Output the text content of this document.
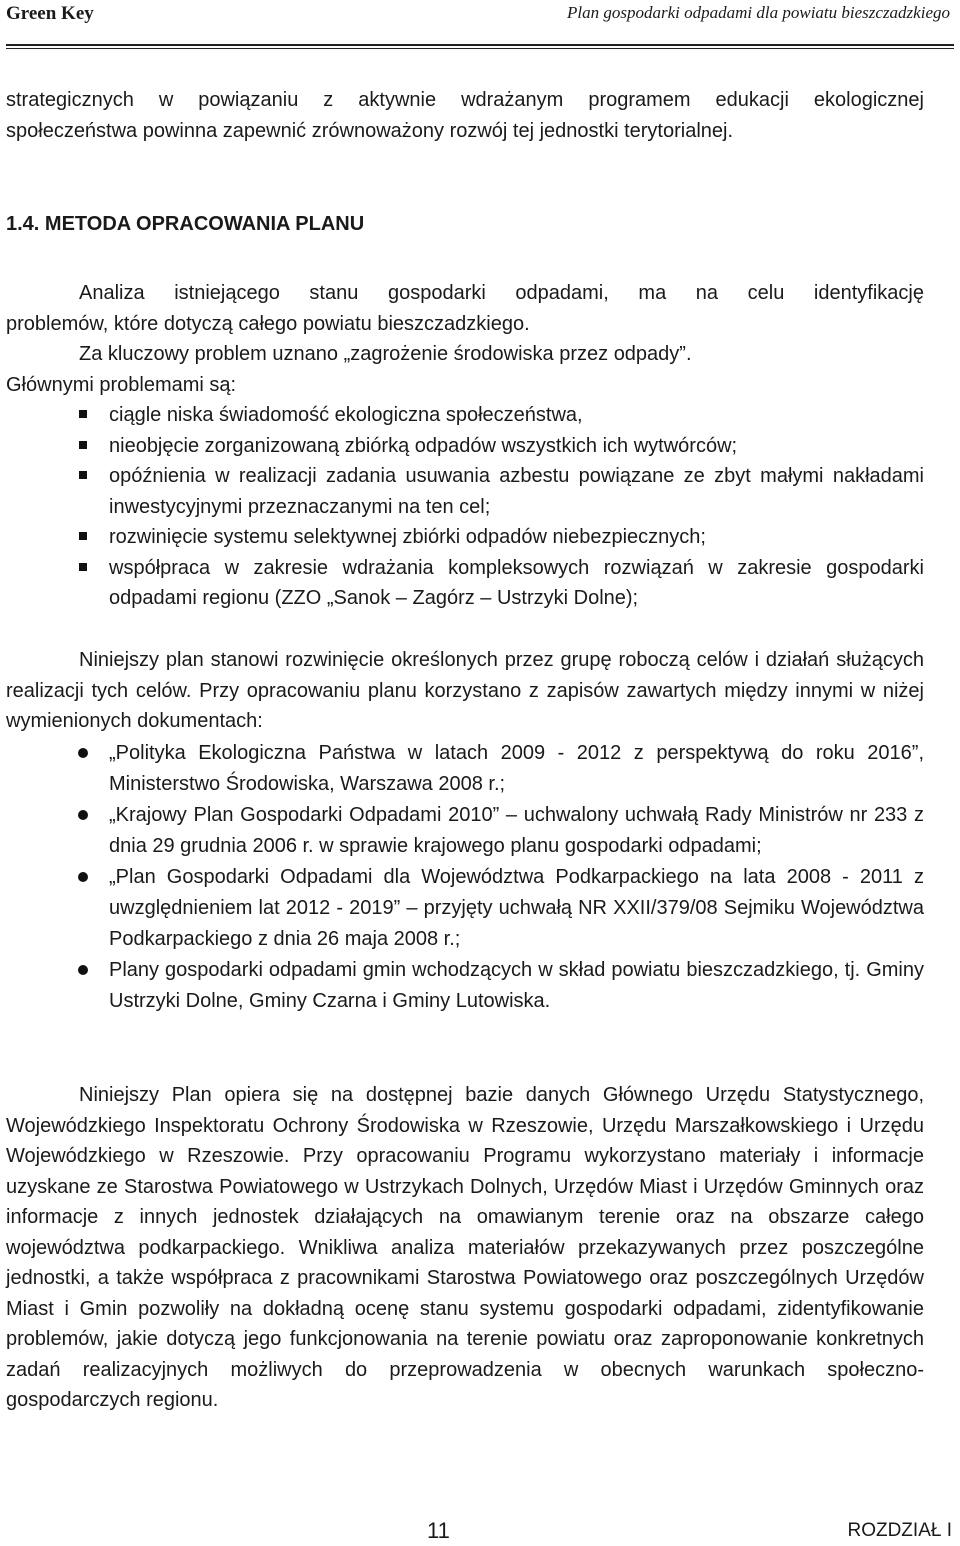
Green Key	Plan gospodarki odpadami dla powiatu bieszczadzkiego
strategicznych w powiązaniu z aktywnie wdrażanym programem edukacji ekologicznej
społeczeństwa powinna zapewnić zrównoważony rozwój tej jednostki terytorialnej.
1.4. METODA OPRACOWANIA PLANU
Analiza istniejącego stanu gospodarki odpadami, ma na celu identyfikację
problemów, które dotyczą całego powiatu bieszczadzkiego.
Za kluczowy problem uznano „zagrożenie środowiska przez odpady”.
Głównymi problemami są:
ciągle niska świadomość ekologiczna społeczeństwa,
nieobjęcie zorganizowaną zbiórką odpadów wszystkich ich wytwórców;
opóźnienia w realizacji zadania usuwania azbestu powiązane ze zbyt małymi nakładami inwestycyjnymi przeznaczanymi na ten cel;
rozwinięcie systemu selektywnej zbiórki odpadów niebezpiecznych;
współpraca w zakresie wdrażania kompleksowych rozwiązań w zakresie gospodarki odpadami regionu (ZZO „Sanok – Zagórz – Ustrzyki Dolne);
Niniejszy plan stanowi rozwinięcie określonych przez grupę roboczą celów i działań służących realizacji tych celów. Przy opracowaniu planu korzystano z zapisów zawartych między innymi w niżej wymienionych dokumentach:
„Polityka Ekologiczna Państwa w latach 2009 - 2012 z perspektywą do roku 2016”, Ministerstwo Środowiska, Warszawa 2008 r.;
„Krajowy Plan Gospodarki Odpadami 2010” – uchwalony uchwałą Rady Ministrów nr 233 z dnia 29 grudnia 2006 r. w sprawie krajowego planu gospodarki odpadami;
„Plan Gospodarki Odpadami dla Województwa Podkarpackiego na lata 2008 - 2011 z uwzględnieniem lat 2012 - 2019” – przyjęty uchwałą NR XXII/379/08 Sejmiku Województwa Podkarpackiego z dnia 26 maja 2008 r.;
Plany gospodarki odpadami gmin wchodzących w skład powiatu bieszczadzkiego, tj. Gminy Ustrzyki Dolne, Gminy Czarna i Gminy Lutowiska.
Niniejszy Plan opiera się na dostępnej bazie danych Głównego Urzędu Statystycznego, Wojewódzkiego Inspektoratu Ochrony Środowiska w Rzeszowie, Urzędu Marszałkowskiego i Urzędu Wojewódzkiego w Rzeszowie. Przy opracowaniu Programu wykorzystano materiały i informacje uzyskane ze Starostwa Powiatowego w Ustrzykach Dolnych, Urzędów Miast i Urzędów Gminnych oraz informacje z innych jednostek działających na omawianym terenie oraz na obszarze całego województwa podkarpackiego. Wnikliwa analiza materiałów przekazywanych przez poszczególne jednostki, a także współpraca z pracownikami Starostwa Powiatowego oraz poszczególnych Urzędów Miast i Gmin pozwoliły na dokładną ocenę stanu systemu gospodarki odpadami, zidentyfikowanie problemów, jakie dotyczą jego funkcjonowania na terenie powiatu oraz zaproponowanie konkretnych zadań realizacyjnych możliwych do przeprowadzenia w obecnych warunkach społeczno-gospodarczych regionu.
11	ROZDZIAŁ I
